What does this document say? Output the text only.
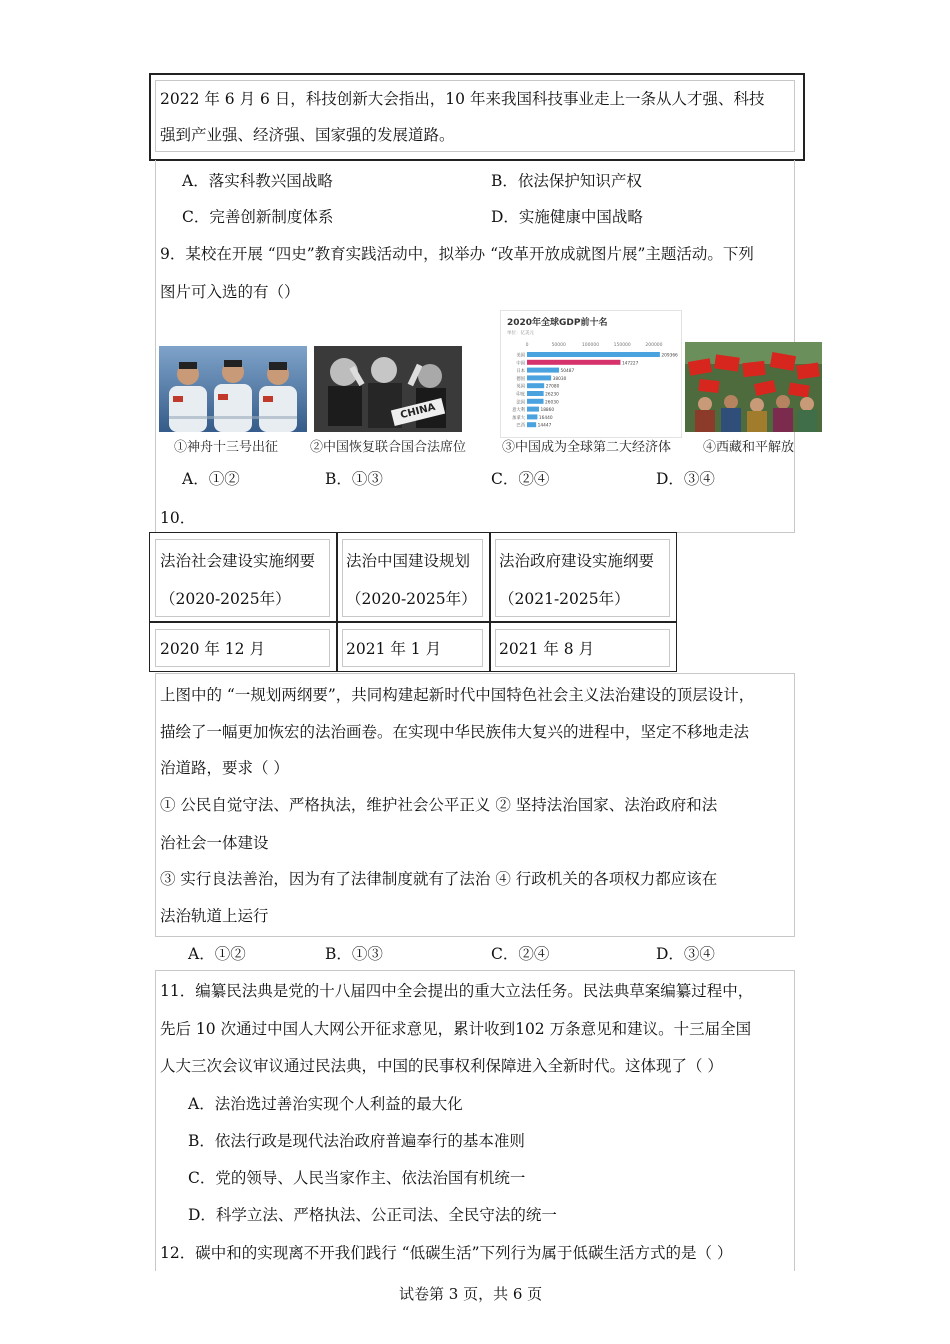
2022 年 6 月 6 日，科技创新大会指出，10 年来我国科技事业走上一条从人才强、科技
强到产业强、经济强、国家强的发展道路。
A．落实科教兴国战略	B．依法保护知识产权
C．完善创新制度体系	D．实施健康中国战略
9．某校在开展 “四史”教育实践活动中，拟举办 “改革开放成就图片展”主题活动。下列
图片可入选的有（）
CHINA
2020年全球GDP前十名
单位：亿美元
0	50000	100000	150000	200000
美国	209366
中国	147227
日本	50487
德国	38030
英国	27080
印度	26230
法国	26030
意大利	18860
加拿大	16440
巴西	14447
①神舟十三号出征 ②中国恢复联合国合法席位	③中国成为全球第二大经济体 ④西藏和平解放
A．①②	B．①③	C．②④	D．③④
10．
法治社会建设实施纲要
（2020-2025年）
法治中国建设规划
（2020-2025年）
法治政府建设实施纲要
（2021-2025年）
2020 年 12 月	2021 年 1 月	2021 年 8 月
上图中的 “一规划两纲要”，共同构建起新时代中国特色社会主义法治建设的顶层设计，
描绘了一幅更加恢宏的法治画卷。在实现中华民族伟大复兴的进程中，坚定不移地走法
治道路，要求（ ）
① 公民自觉守法、严格执法，维护社会公平正义 ② 坚持法治国家、法治政府和法
治社会一体建设
③ 实行良法善治，因为有了法律制度就有了法治 ④ 行政机关的各项权力都应该在
法治轨道上运行
A．①②	B．①③	C．②④	D．③④
11．编纂民法典是党的十八届四中全会提出的重大立法任务。民法典草案编纂过程中，
先后 10 次通过中国人大网公开征求意见，累计收到102 万条意见和建议。十三届全国
人大三次会议审议通过民法典，中国的民事权利保障进入全新时代。这体现了（ ）
A．法治选过善治实现个人利益的最大化
B．依法行政是现代法治政府普遍奉行的基本准则
C．党的领导、人民当家作主、依法治国有机统一
D．科学立法、严格执法、公正司法、全民守法的统一
12．碳中和的实现离不开我们践行 “低碳生活”下列行为属于低碳生活方式的是（ ）
试卷第 3 页，共 6 页
